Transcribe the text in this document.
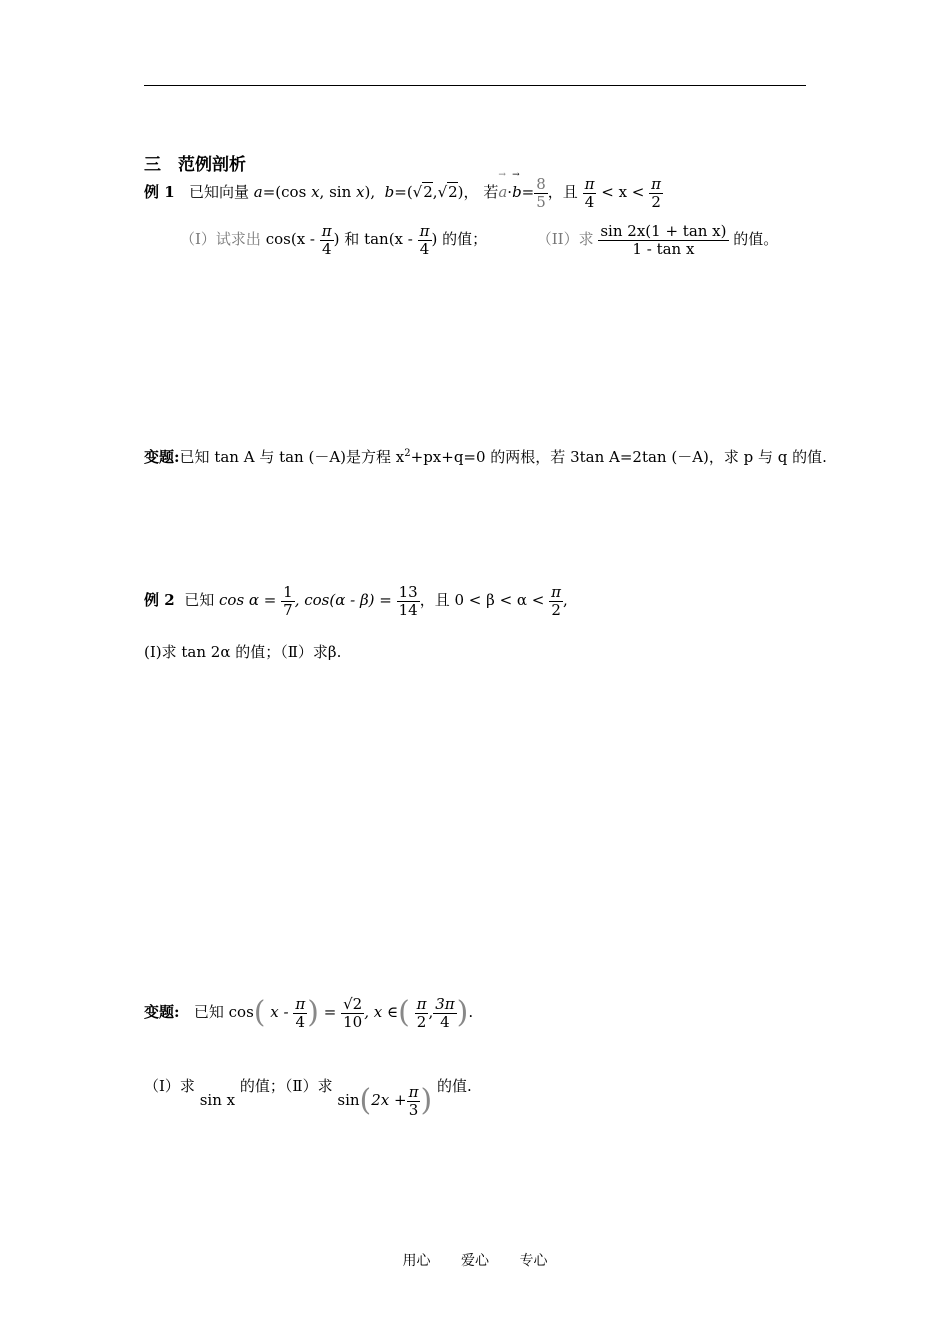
三　范例剖析
例 1 已知向量 a=(cos x, sin x), b=(√2,√2)， 若→ $a\cdot\to b= \frac{8}{5}$ ，且 $\frac{\pi}{4} < x < \frac{\pi}{2}$
（I）试求出 $\cos(x - \frac{\pi}{4}$ ) 和 $\tan(x - \frac{\pi}{4}$ ) 的值；	（II）求 $\frac{\text{sin 2x(1 + tan x)}}{\text{1 - tan x}}$ 的值。
变题:已知 tan A 与 tan (－A)是方程 $x^2+px+q=0$ 的两根，若 3tan A=2tan (－A)，求 p 与 q 的值.
例 2 已知 $\cos \alpha = \frac{1}{7}$ , $\cos(\alpha - \beta) = \frac{13}{14}$ ，且 $0 < \beta < \alpha < \frac{\pi}{2}$ ,
(Ⅰ)求 tan 2α 的值；（Ⅱ）求β.
变题: 已知 cos( x - $\frac{\pi}{4}$ ) = $\frac{√2}{10}$ , x ∈( $\frac{\pi}{2}$ , $\frac{3\pi}{4}$ ).
（Ⅰ）求 sin x 的值；（Ⅱ）求 $\sin(2x + \frac{\pi}{3}$ ) 的值.
用心 爱心 专心
